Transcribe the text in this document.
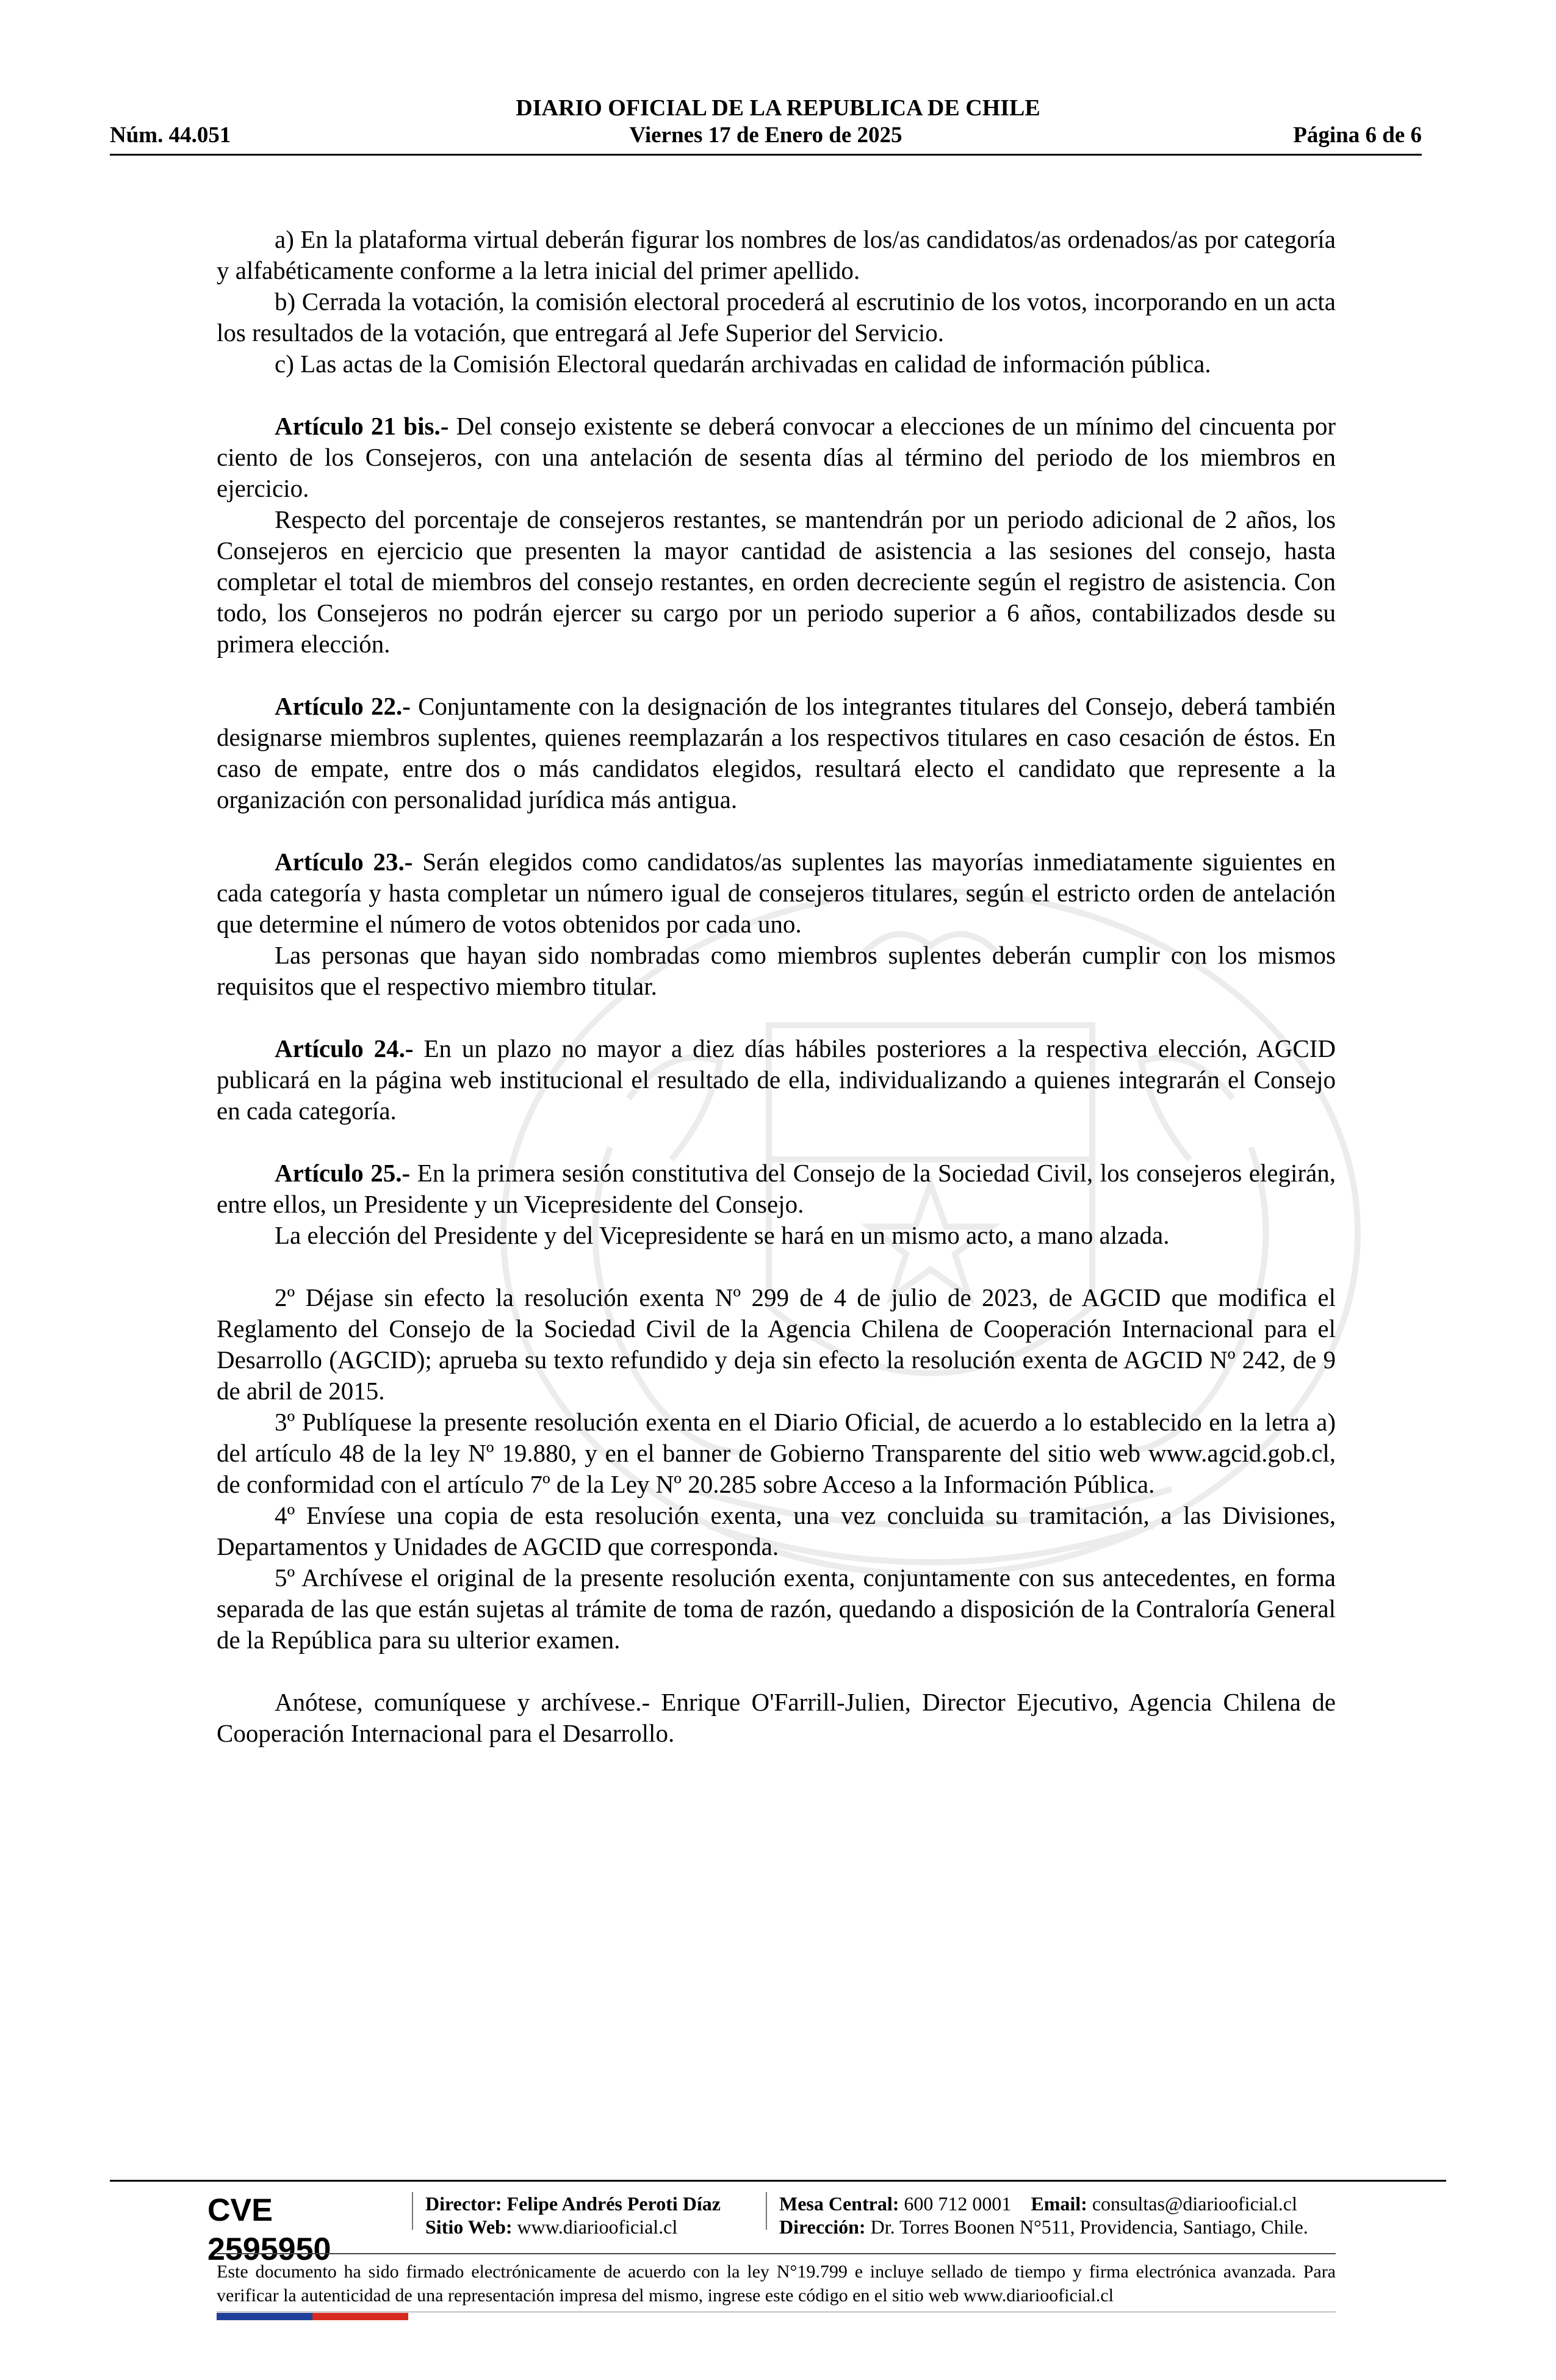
DIARIO OFICIAL DE LA REPUBLICA DE CHILE
Núm. 44.051	Viernes 17 de Enero de 2025	Página 6 de 6

a) En la plataforma virtual deberán figurar los nombres de los/as candidatos/as ordenados/as por categoría y alfabéticamente conforme a la letra inicial del primer apellido.

b) Cerrada la votación, la comisión electoral procederá al escrutinio de los votos, incorporando en un acta los resultados de la votación, que entregará al Jefe Superior del Servicio.

c) Las actas de la Comisión Electoral quedarán archivadas en calidad de información pública.

Artículo 21 bis.- Del consejo existente se deberá convocar a elecciones de un mínimo del cincuenta por ciento de los Consejeros, con una antelación de sesenta días al término del periodo de los miembros en ejercicio.

Respecto del porcentaje de consejeros restantes, se mantendrán por un periodo adicional de 2 años, los Consejeros en ejercicio que presenten la mayor cantidad de asistencia a las sesiones del consejo, hasta completar el total de miembros del consejo restantes, en orden decreciente según el registro de asistencia. Con todo, los Consejeros no podrán ejercer su cargo por un periodo superior a 6 años, contabilizados desde su primera elección.

Artículo 22.- Conjuntamente con la designación de los integrantes titulares del Consejo, deberá también designarse miembros suplentes, quienes reemplazarán a los respectivos titulares en caso cesación de éstos. En caso de empate, entre dos o más candidatos elegidos, resultará electo el candidato que represente a la organización con personalidad jurídica más antigua.

Artículo 23.- Serán elegidos como candidatos/as suplentes las mayorías inmediatamente siguientes en cada categoría y hasta completar un número igual de consejeros titulares, según el estricto orden de antelación que determine el número de votos obtenidos por cada uno.

Las personas que hayan sido nombradas como miembros suplentes deberán cumplir con los mismos requisitos que el respectivo miembro titular.

Artículo 24.- En un plazo no mayor a diez días hábiles posteriores a la respectiva elección, AGCID publicará en la página web institucional el resultado de ella, individualizando a quienes integrarán el Consejo en cada categoría.

Artículo 25.- En la primera sesión constitutiva del Consejo de la Sociedad Civil, los consejeros elegirán, entre ellos, un Presidente y un Vicepresidente del Consejo.

La elección del Presidente y del Vicepresidente se hará en un mismo acto, a mano alzada.

2º Déjase sin efecto la resolución exenta Nº 299 de 4 de julio de 2023, de AGCID que modifica el Reglamento del Consejo de la Sociedad Civil de la Agencia Chilena de Cooperación Internacional para el Desarrollo (AGCID); aprueba su texto refundido y deja sin efecto la resolución exenta de AGCID Nº 242, de 9 de abril de 2015.

3º Publíquese la presente resolución exenta en el Diario Oficial, de acuerdo a lo establecido en la letra a) del artículo 48 de la ley Nº 19.880, y en el banner de Gobierno Transparente del sitio web www.agcid.gob.cl, de conformidad con el artículo 7º de la Ley Nº 20.285 sobre Acceso a la Información Pública.

4º Envíese una copia de esta resolución exenta, una vez concluida su tramitación, a las Divisiones, Departamentos y Unidades de AGCID que corresponda.

5º Archívese el original de la presente resolución exenta, conjuntamente con sus antecedentes, en forma separada de las que están sujetas al trámite de toma de razón, quedando a disposición de la Contraloría General de la República para su ulterior examen.

Anótese, comuníquese y archívese.- Enrique O'Farrill-Julien, Director Ejecutivo, Agencia Chilena de Cooperación Internacional para el Desarrollo.

CVE 2595950
Director: Felipe Andrés Peroti Díaz
Sitio Web: www.diariooficial.cl
Mesa Central: 600 712 0001 Email: consultas@diariooficial.cl
Dirección: Dr. Torres Boonen N°511, Providencia, Santiago, Chile.
Este documento ha sido firmado electrónicamente de acuerdo con la ley N°19.799 e incluye sellado de tiempo y firma electrónica avanzada. Para verificar la autenticidad de una representación impresa del mismo, ingrese este código en el sitio web www.diariooficial.cl
